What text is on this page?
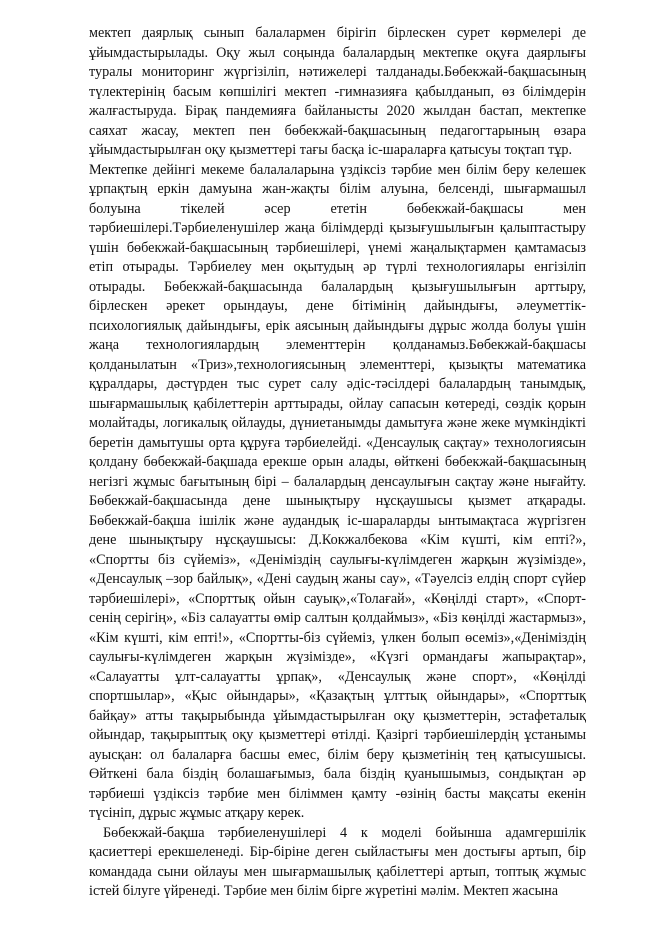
мектеп даярлық сынып балалармен бірігіп бірлескен сурет көрмелері де ұйымдастырылады. Оқу жыл соңында балалардың мектепке оқуға даярлығы туралы мониторинг жүргізіліп, нәтижелері талданады.Бөбекжай-бақшасының түлектерінің басым көпшілігі мектеп -гимназияға қабылданып, өз білімдерін жалғастыруда. Бірақ пандемияға байланысты 2020 жылдан бастап, мектепке саяхат жасау, мектеп пен бөбекжай-бақшасының педагогтарының өзара ұйымдастырылған оқу қызметтері тағы басқа іс-шараларға қатысуы тоқтап тұр.

Мектепке дейінгі мекеме балалаларына үздіксіз тәрбие мен білім беру келешек ұрпақтың еркін дамуына жан-жақты білім алуына, белсенді, шығармашыл болуына тікелей әсер ететін бөбекжай-бақшасы мен тәрбиешілері.Тәрбиеленушілер жаңа білімдерді қызығушылығын қалыптастыру үшін бөбекжай-бақшасының тәрбиешілері, үнемі жаңалықтармен қамтамасыз етіп отырады. Тәрбиелеу мен оқытудың әр түрлі технологиялары енгізіліп отырады. Бөбекжай-бақшасында балалардың қызығушылығын арттыру, бірлескен әрекет орындауы, дене бітімінің дайындығы, әлеуметтік-психологиялық дайындығы, ерік аясының дайындығы дұрыс жолда болуы үшін жаңа технологиялардың элементтерін қолданамыз.Бөбекжай-бақшасы қолданылатын «Триз»,технологиясының элементтері, қызықты математика құралдары, дәстүрден тыс сурет салу әдіс-тәсілдері балалардың танымдық, шығармашылық қабілеттерін арттырады, ойлау сапасын көтереді, сөздік қорын молайтады, логикалық ойлауды, дүниетанымды дамытуға және жеке мүмкіндікті беретін дамытушы орта құруға тәрбиелейді. «Денсаулық сақтау» технологиясын қолдану бөбекжай-бақшада ерекше орын алады, өйткені бөбекжай-бақшасының негізгі жұмыс бағытының бірі – балалардың денсаулығын сақтау және нығайту. Бөбекжай-бақшасында дене шынықтыру нұсқаушысы қызмет атқарады. Бөбекжай-бақша ішілік және аудандық іс-шараларды ынтымақтаса жүргізген дене шынықтыру нұсқаушысы: Д.Кокжалбекова «Кім күшті, кім епті?», «Спортты біз сүйеміз», «Деніміздің саулығы-күлімдеген жарқын жүзімізде», «Денсаулық –зор байлық», «Дені саудың жаны сау», «Тәуелсіз елдің спорт сүйер тәрбиешілері», «Спорттық ойын сауық»,«Толағай», «Көңілді старт», «Спорт-сенің серігің», «Біз салауатты өмір салтын қолдаймыз», «Біз көңілді жастармыз», «Кім күшті, кім епті!», «Спортты-біз сүйеміз, үлкен болып өсеміз»,«Деніміздің саулығы-күлімдеген жарқын жүзімізде», «Күзгі ормандағы жапырақтар», «Салауатты ұлт-салауатты ұрпақ», «Денсаулық және спорт», «Көңілді спортшылар», «Қыс ойындары», «Қазақтың ұлттық ойындары», «Спорттық байқау» атты тақырыбында ұйымдастырылған оқу қызметтерін, эстафеталық ойындар, тақырыптық оқу қызметтері өтілді. Қазіргі тәрбиешілердің ұстанымы ауысқан: ол балаларға басшы емес, білім беру қызметінің тең қатысушысы. Өйткені бала біздің болашағымыз, бала біздің қуанышымыз, сондықтан әр тәрбиеші үздіксіз тәрбие мен біліммен қамту -өзінің басты мақсаты екенін түсініп, дұрыс жұмыс атқару керек.

Бөбекжай-бақша тәрбиеленушілері 4 к моделі бойынша адамгершілік қасиеттері ерекшеленеді. Бір-біріне деген сыйластығы мен достығы артып, бір командада сыни ойлауы мен шығармашылық қабілеттері артып, топтық жұмыс істей білуге үйренеді. Тәрбие мен білім бірге жүретіні мәлім. Мектеп жасына
